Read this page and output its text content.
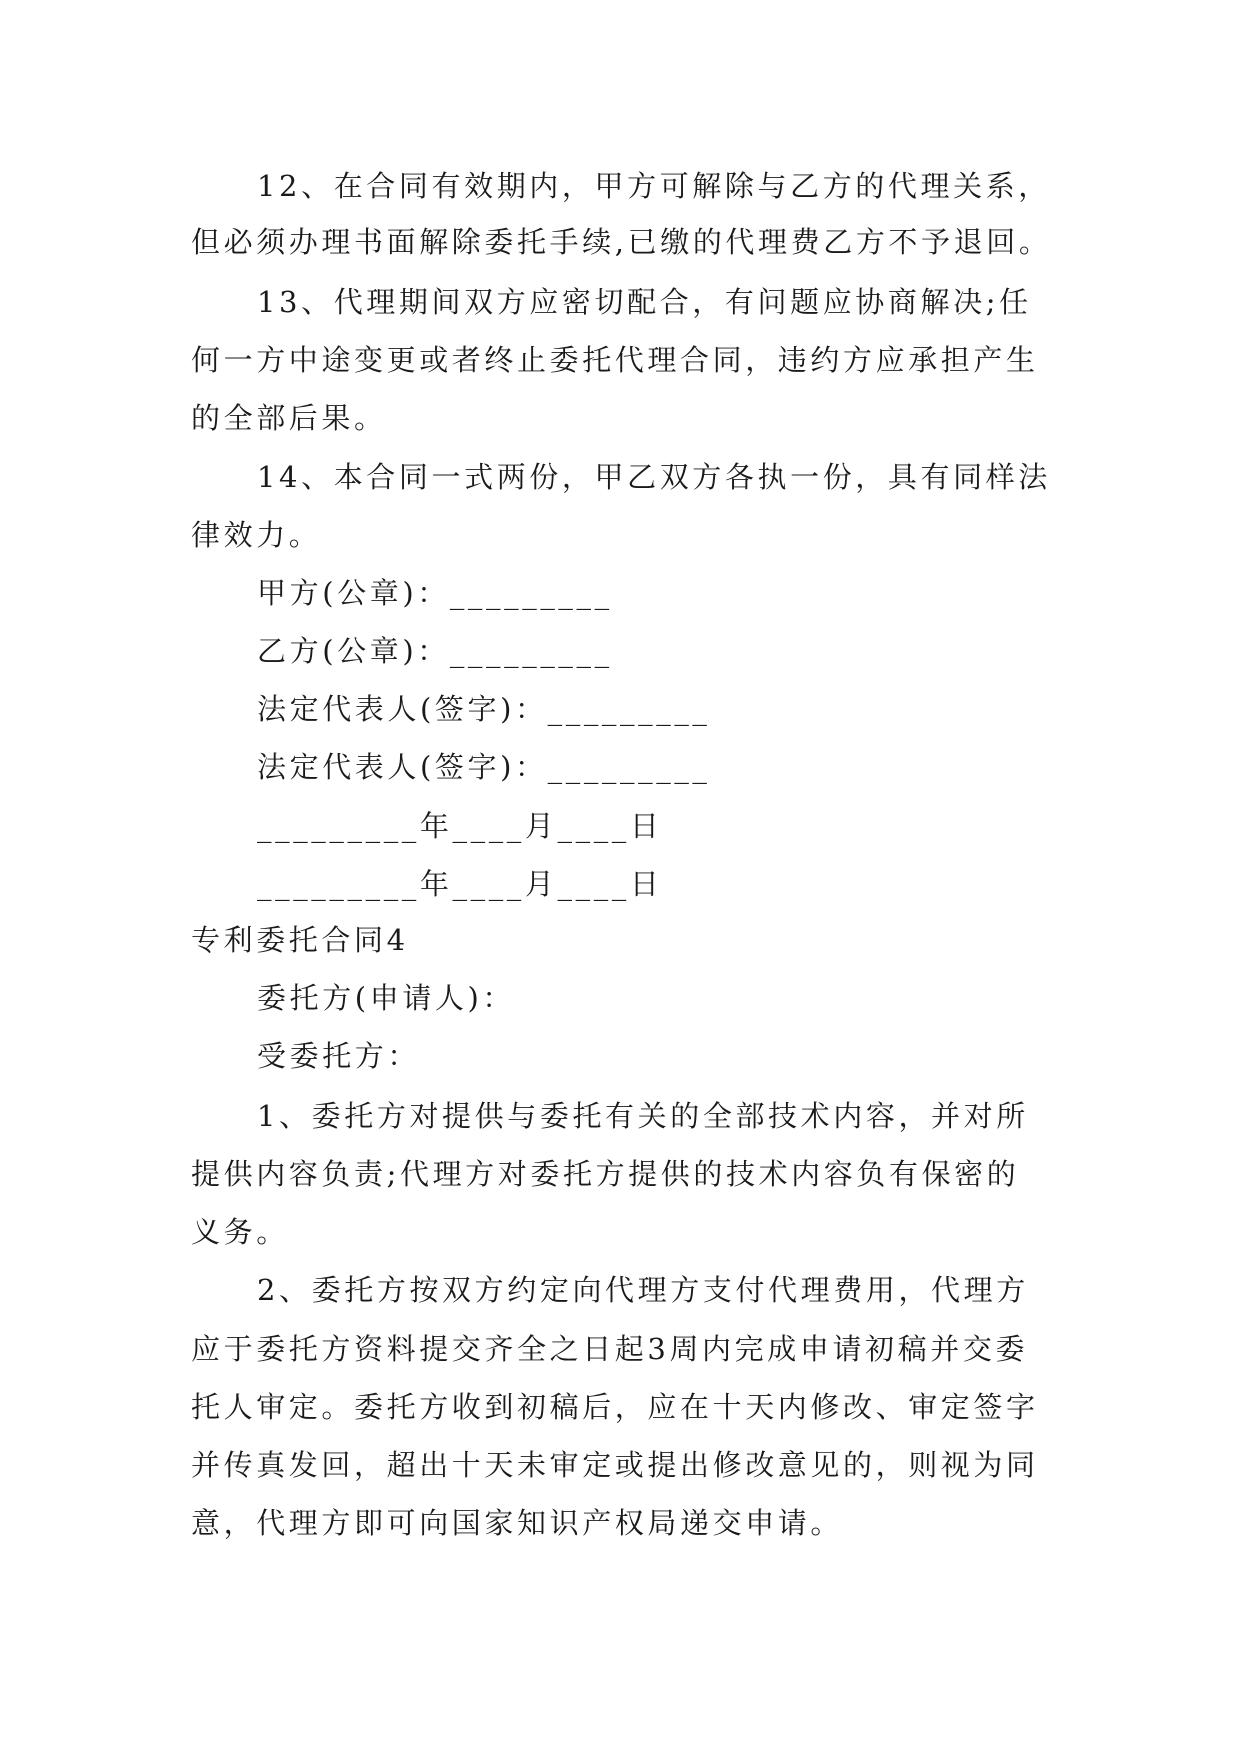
12、在合同有效期内，甲方可解除与乙方的代理关系，
但必须办理书面解除委托手续,已缴的代理费乙方不予退回。
13、代理期间双方应密切配合，有问题应协商解决;任
何一方中途变更或者终止委托代理合同，违约方应承担产生
的全部后果。
14、本合同一式两份，甲乙双方各执一份，具有同样法
律效力。
甲方(公章)：_________
乙方(公章)：_________
法定代表人(签字)：_________
法定代表人(签字)：_________
_________年____月____日
_________年____月____日
专利委托合同4
委托方(申请人)：
受委托方：
1、委托方对提供与委托有关的全部技术内容，并对所
提供内容负责;代理方对委托方提供的技术内容负有保密的
义务。
2、委托方按双方约定向代理方支付代理费用，代理方
应于委托方资料提交齐全之日起3周内完成申请初稿并交委
托人审定。委托方收到初稿后，应在十天内修改、审定签字
并传真发回，超出十天未审定或提出修改意见的，则视为同
意，代理方即可向国家知识产权局递交申请。
